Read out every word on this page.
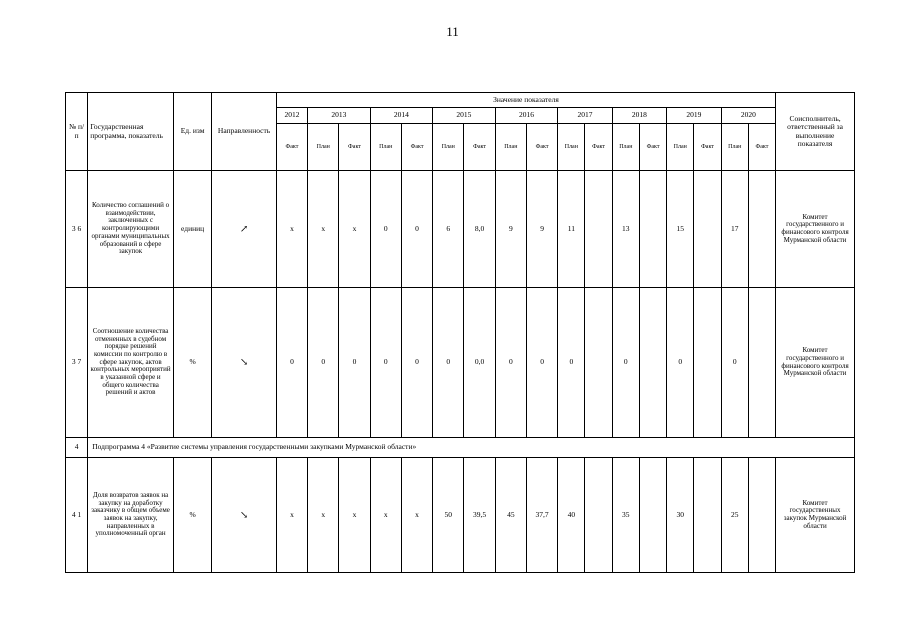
11
№ п/п	Государственная программа, показатель	Ед. изм	Направленность	Значение показателя																	Соисполнитель, ответственный за выполнение показателя
				2012	2013		2014		2015		2016		2017		2018		2019		2020		
				Факт	План	Факт	План	Факт	План	Факт	План	Факт	План	Факт	План	Факт	План	Факт	План	Факт	
3 6	Количество соглашений о взаимодействии, заключенных с контролирующими органами муниципальных образований в сфере закупок	единиц	↗	x	x	x	0	0	6	8,0	9	9	11		13		15		17		Комитет государственного и финансового контроля Мурманской области
3 7	Соотношение количества отмененных в судебном порядке решений комиссии по контролю в сфере закупок, актов контрольных мероприятий в указанной сфере и общего количества решений и актов	%	↘	0	0	0	0	0	0	0,0	0	0	0		0		0		0		Комитет государственного и финансового контроля Мурманской области
4	Подпрограмма 4 «Развитие системы управления государственными закупками Мурманской области»																				
4 1	Доля возвратов заявок на закупку на доработку заказчику в общем объеме заявок на закупку, направленных в уполномоченный орган	%	↘	x	x	x	x	x	50	39,5	45	37,7	40		35		30		25		Комитет государственных закупок Мурманской области
